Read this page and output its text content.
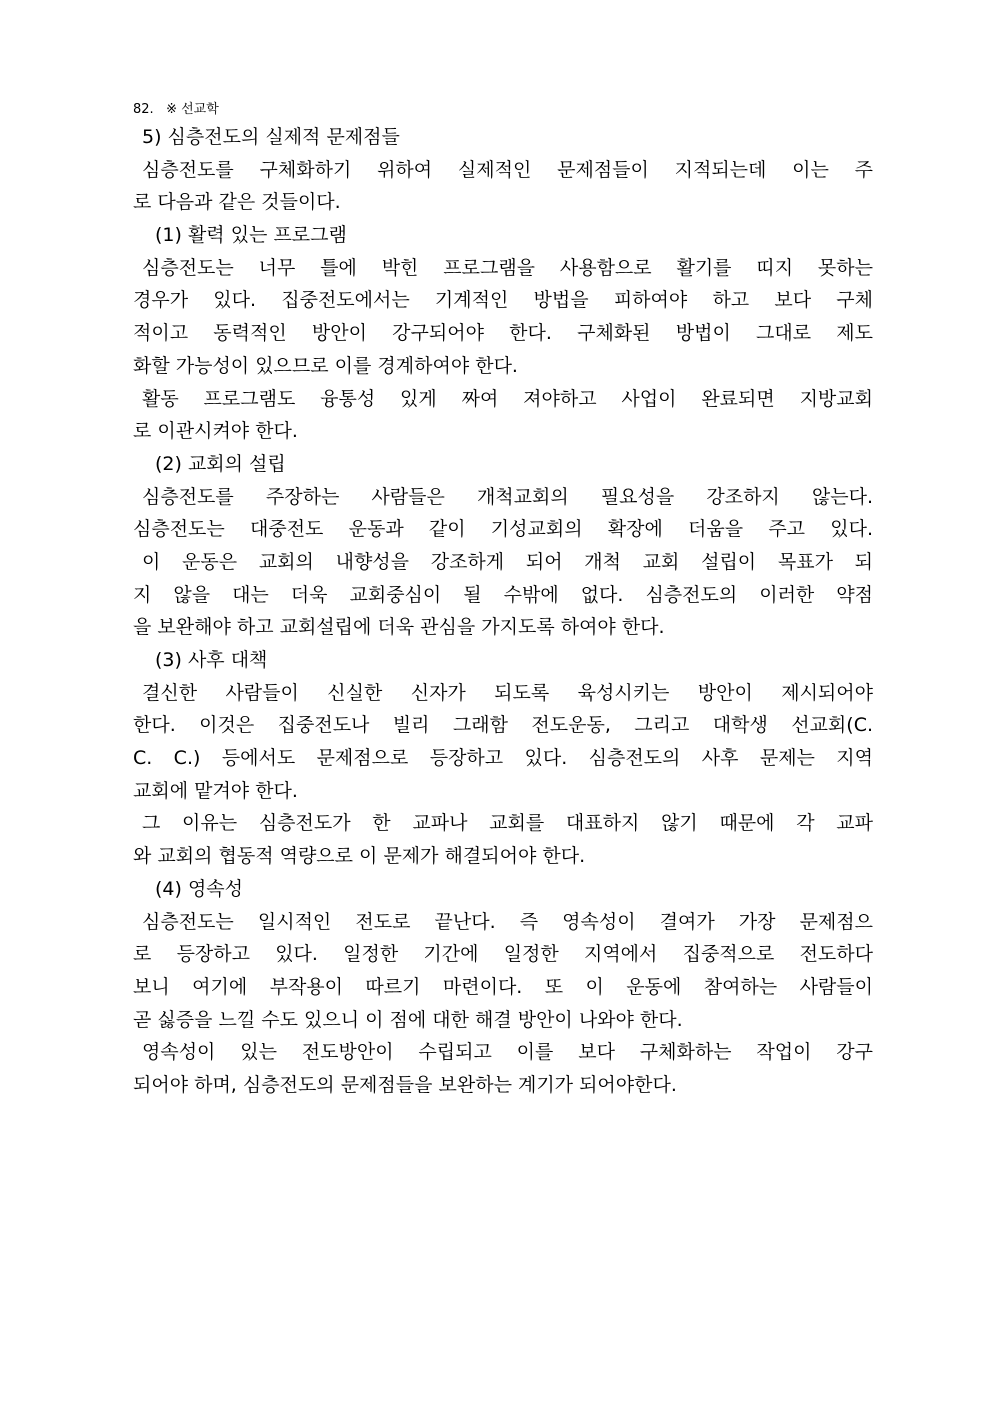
82. ※ 선교학
5) 심층전도의 실제적 문제점들
심층전도를 구체화하기 위하여 실제적인 문제점들이 지적되는데 이는 주
로 다음과 같은 것들이다.
(1) 활력 있는 프로그램
심층전도는 너무 틀에 박힌 프로그램을 사용함으로 활기를 띠지 못하는
경우가 있다. 집중전도에서는 기계적인 방법을 피하여야 하고 보다 구체
적이고 동력적인 방안이 강구되어야 한다. 구체화된 방법이 그대로 제도
화할 가능성이 있으므로 이를 경계하여야 한다.
활동 프로그램도 융통성 있게 짜여 져야하고 사업이 완료되면 지방교회
로 이관시켜야 한다.
(2) 교회의 설립
심층전도를 주장하는 사람들은 개척교회의 필요성을 강조하지 않는다.
심층전도는 대중전도 운동과 같이 기성교회의 확장에 더움을 주고 있다.
이 운동은 교회의 내향성을 강조하게 되어 개척 교회 설립이 목표가 되
지 않을 대는 더욱 교회중심이 될 수밖에 없다. 심층전도의 이러한 약점
을 보완해야 하고 교회설립에 더욱 관심을 가지도록 하여야 한다.
(3) 사후 대책
결신한 사람들이 신실한 신자가 되도록 육성시키는 방안이 제시되어야
한다. 이것은 집중전도나 빌리 그래함 전도운동, 그리고 대학생 선교회(C.
C. C.) 등에서도 문제점으로 등장하고 있다. 심층전도의 사후 문제는 지역
교회에 맡겨야 한다.
그 이유는 심층전도가 한 교파나 교회를 대표하지 않기 때문에 각 교파
와 교회의 협동적 역량으로 이 문제가 해결되어야 한다.
(4) 영속성
심층전도는 일시적인 전도로 끝난다. 즉 영속성이 결여가 가장 문제점으
로 등장하고 있다. 일정한 기간에 일정한 지역에서 집중적으로 전도하다
보니 여기에 부작용이 따르기 마련이다. 또 이 운동에 참여하는 사람들이
곧 싫증을 느낄 수도 있으니 이 점에 대한 해결 방안이 나와야 한다.
영속성이 있는 전도방안이 수립되고 이를 보다 구체화하는 작업이 강구
되어야 하며, 심층전도의 문제점들을 보완하는 계기가 되어야한다.
